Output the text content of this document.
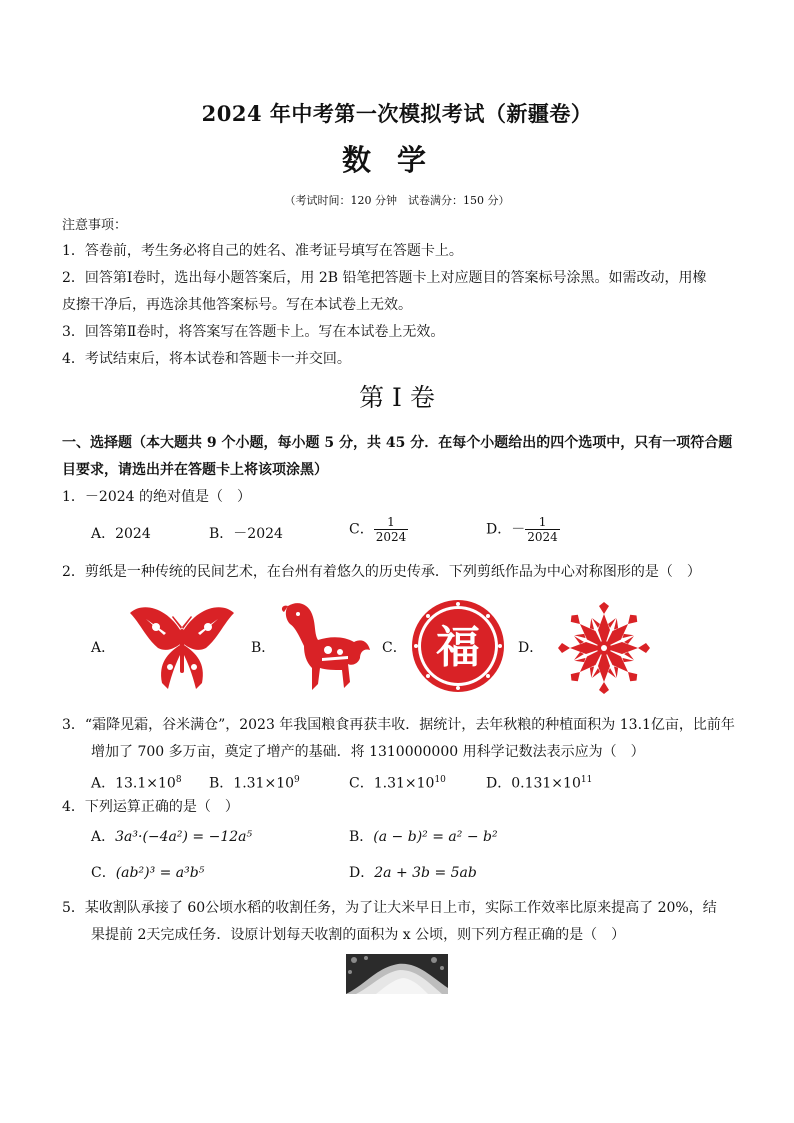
2024 年中考第一次模拟考试（新疆卷）
数学
（考试时间：120 分钟　试卷满分：150 分）
注意事项：
1．答卷前，考生务必将自己的姓名、准考证号填写在答题卡上。
2．回答第Ⅰ卷时，选出每小题答案后，用 2B 铅笔把答题卡上对应题目的答案标号涂黑。如需改动，用橡
皮擦干净后，再选涂其他答案标号。写在本试卷上无效。
3．回答第Ⅱ卷时，将答案写在答题卡上。写在本试卷上无效。
4．考试结束后，将本试卷和答题卡一并交回。
第 I 卷
一、选择题（本大题共 9 个小题，每小题 5 分，共 45 分．在每个小题给出的四个选项中，只有一项符合题
目要求，请选出并在答题卡上将该项涂黑）
1．－2024 的绝对值是（　）
A．2024	B．－2024	C． $\frac{1}{2024}$	D．－ $\frac{1}{2024}$
2．剪纸是一种传统的民间艺术，在台州有着悠久的历史传承．下列剪纸作品为中心对称图形的是（　）
A．	B．	C． 福	D．
3．“霜降见霜，谷米满仓”，2023 年我国粮食再获丰收．据统计，去年秋粮的种植面积为 13.1亿亩，比前年
增加了 700 多万亩，奠定了增产的基础．将 1310000000 用科学记数法表示应为（　）
A．$13.1\times 10^8$ B．$1.31\times 10^9$	C．$1.31\times 10^{10}$	D．$0.131\times 10^{11}$
4．下列运算正确的是（　）
A．3a³·(−4a²) = −12a⁵	B．(a − b)² = a² − b²
C．(ab²)³ = a³b⁵	D．2a + 3b = 5ab
5．某收割队承接了 60公顷水稻的收割任务，为了让大米早日上市，实际工作效率比原来提高了 20%，结
果提前 2天完成任务．设原计划每天收割的面积为 x 公顷，则下列方程正确的是（　）
